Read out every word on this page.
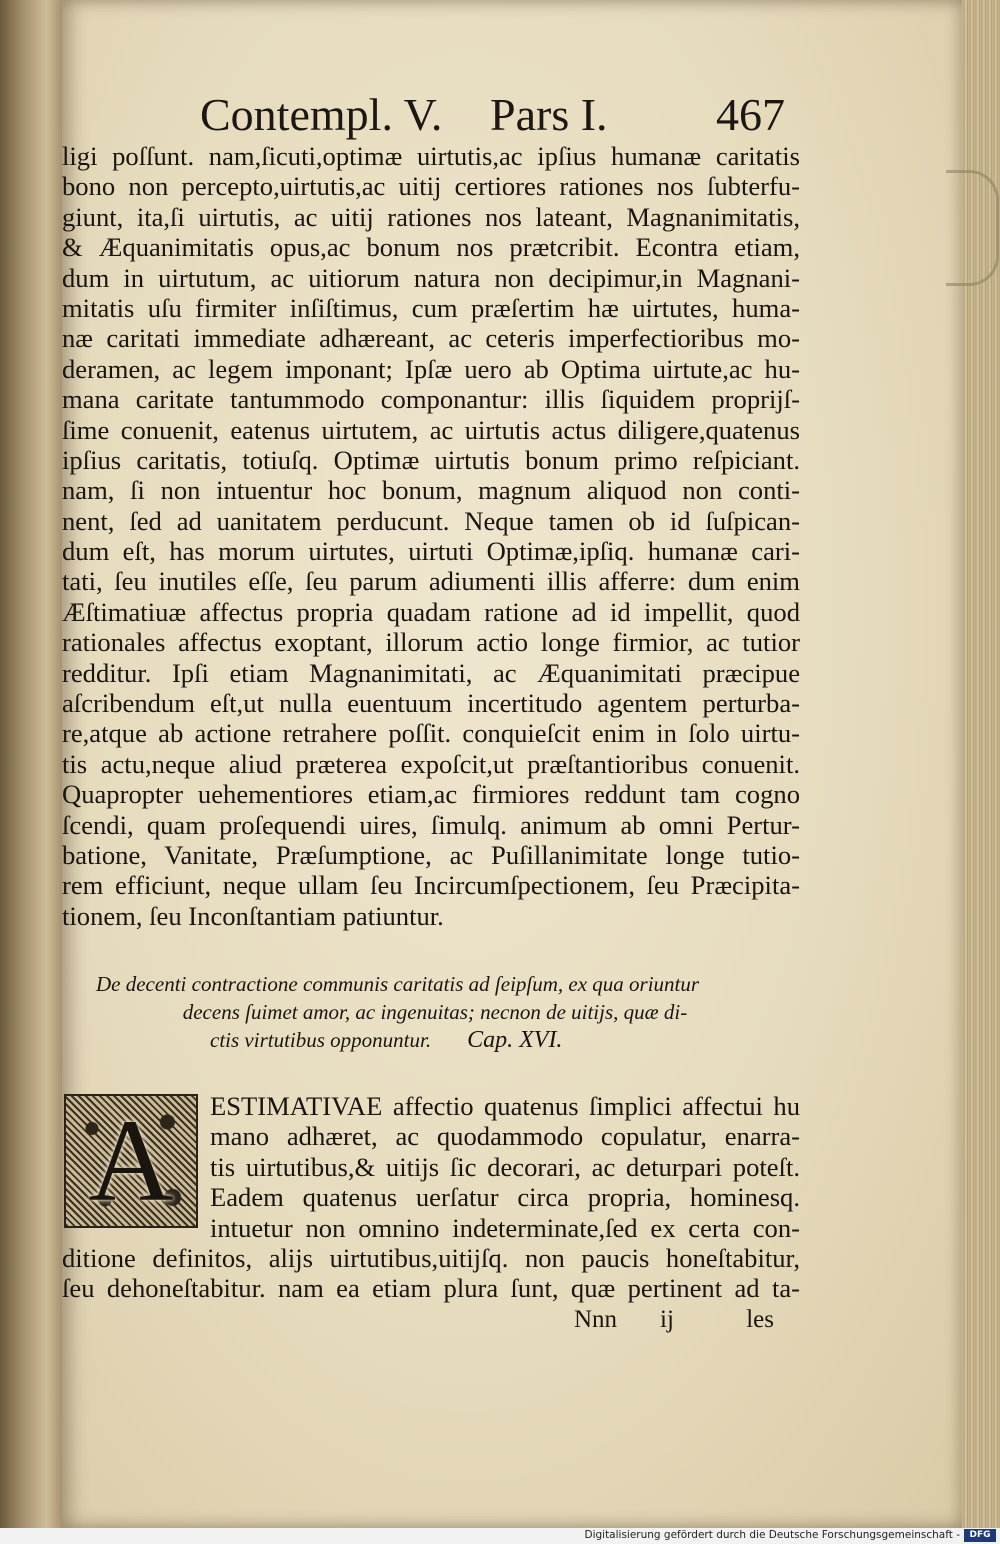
Contempl. V. Pars I. 467
ligi poſſunt. nam,ſicuti,optimæ uirtutis,ac ipſius humanæ caritatis
bono non percepto,uirtutis,ac uitij certiores rationes nos ſubterfu-
giunt, ita,ſi uirtutis, ac uitij rationes nos lateant, Magnanimitatis,
& Æquanimitatis opus,ac bonum nos prætcribit. Econtra etiam,
dum in uirtutum, ac uitiorum natura non decipimur,in Magnani-
mitatis uſu firmiter inſiſtimus, cum præſertim hæ uirtutes, huma-
næ caritati immediate adhæreant, ac ceteris imperfectioribus mo-
deramen, ac legem imponant; Ipſæ uero ab Optima uirtute,ac hu-
mana caritate tantummodo componantur: illis ſiquidem proprijſ-
ſime conuenit, eatenus uirtutem, ac uirtutis actus diligere,quatenus
ipſius caritatis, totiuſq. Optimæ uirtutis bonum primo reſpiciant.
nam, ſi non intuentur hoc bonum, magnum aliquod non conti-
nent, ſed ad uanitatem perducunt. Neque tamen ob id ſuſpican-
dum eſt, has morum uirtutes, uirtuti Optimæ,ipſiq. humanæ cari-
tati, ſeu inutiles eſſe, ſeu parum adiumenti illis afferre: dum enim
Æſtimatiuæ affectus propria quadam ratione ad id impellit, quod
rationales affectus exoptant, illorum actio longe firmior, ac tutior
redditur. Ipſi etiam Magnanimitati, ac Æquanimitati præcipue
aſcribendum eſt,ut nulla euentuum incertitudo agentem perturba-
re,atque ab actione retrahere poſſit. conquieſcit enim in ſolo uirtu-
tis actu,neque aliud præterea expoſcit,ut præſtantioribus conuenit.
Quapropter uehementiores etiam,ac firmiores reddunt tam cogno
ſcendi, quam proſequendi uires, ſimulq. animum ab omni Pertur-
batione, Vanitate, Præſumptione, ac Puſillanimitate longe tutio-
rem efficiunt, neque ullam ſeu Incircumſpectionem, ſeu Præcipita-
tionem, ſeu Inconſtantiam patiuntur.
De decenti contractione communis caritatis ad ſeipſum, ex qua oriuntur
decens ſuimet amor, ac ingenuitas; necnon de uitijs, quæ di-
ctis virtutibus opponuntur. Cap. XVI.
A	ESTIMATIVAE affectio quatenus ſimplici affectui hu
mano adhæret, ac quodammodo copulatur, enarra-
tis uirtutibus,& uitijs ſic decorari, ac deturpari poteſt.
Eadem quatenus uerſatur circa propria, hominesq.
intuetur non omnino indeterminate,ſed ex certa con-
ditione definitos, alijs uirtutibus,uitijſq. non paucis honeſtabitur,
ſeu dehoneſtabitur. nam ea etiam plura ſunt, quæ pertinent ad ta-
Nnn ij	les
Digitalisierung gefördert durch die Deutsche Forschungsgemeinschaft -	DFG
